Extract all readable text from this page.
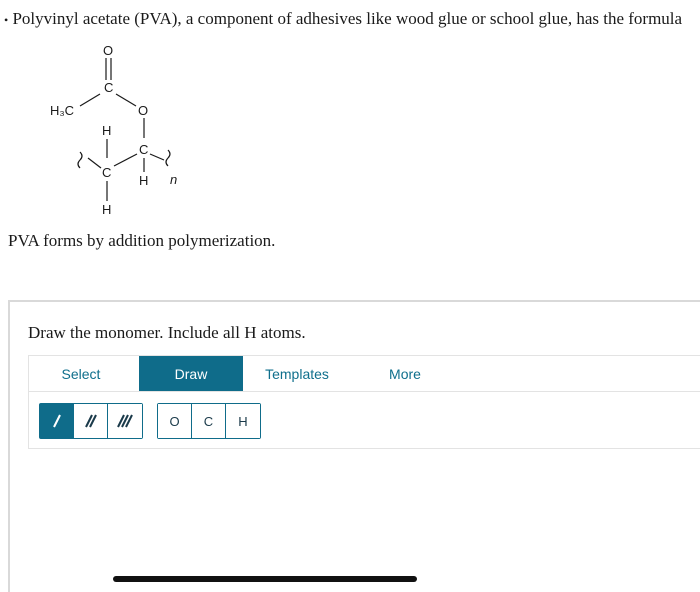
• Polyvinyl acetate (PVA), a component of adhesives like wood glue or school glue, has the formula
O
C
H₃C	O
H
C
C
H n
H
PVA forms by addition polymerization.
Draw the monomer. Include all H atoms.
Select	Draw	Templates	More
O	C	H
